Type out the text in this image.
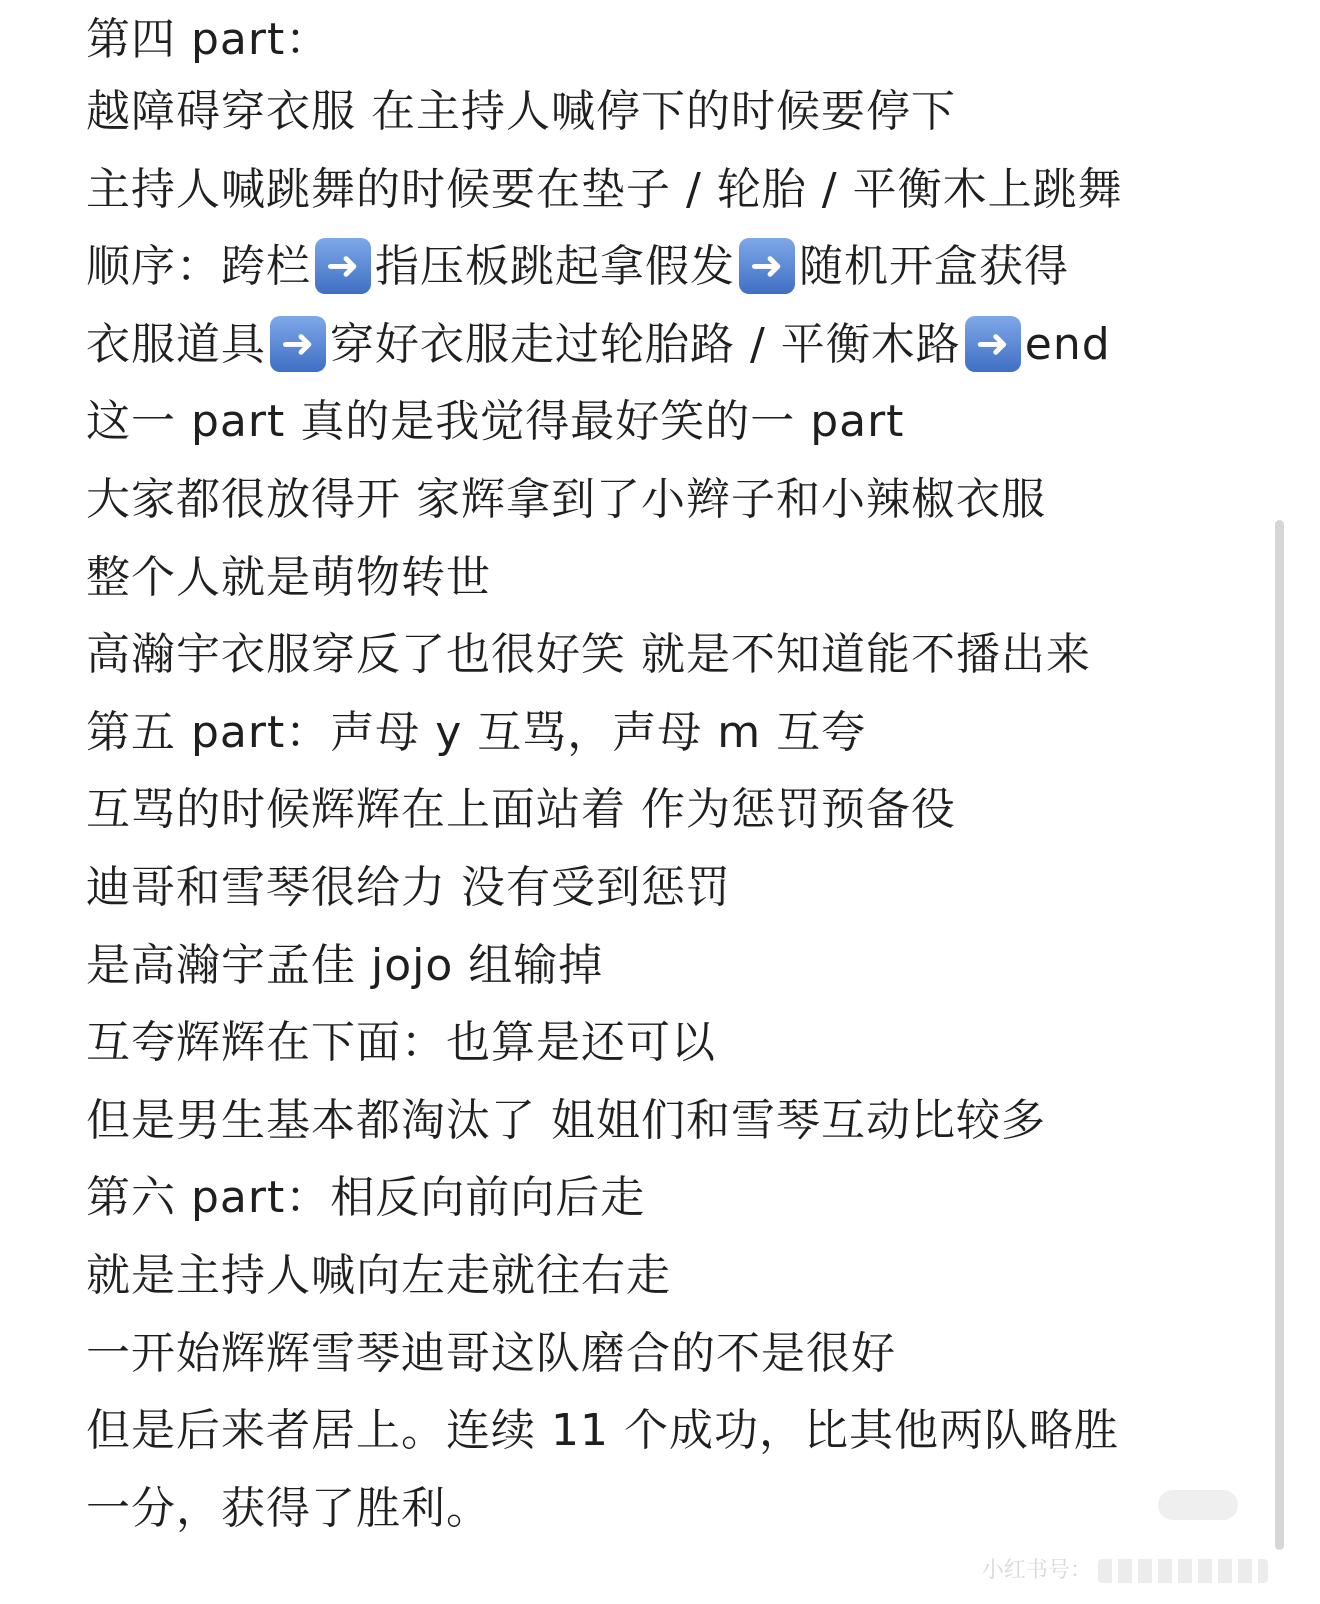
第四 part：
越障碍穿衣服 在主持人喊停下的时候要停下
主持人喊跳舞的时候要在垫子 / 轮胎 / 平衡木上跳舞
顺序：跨栏 ➜ 指压板跳起拿假发 ➜ 随机开盒获得
衣服道具 ➜ 穿好衣服走过轮胎路 / 平衡木路 ➜ end
这一 part 真的是我觉得最好笑的一 part
大家都很放得开 家辉拿到了小辫子和小辣椒衣服
整个人就是萌物转世
高瀚宇衣服穿反了也很好笑 就是不知道能不播出来
第五 part：声母 y 互骂，声母 m 互夸
互骂的时候辉辉在上面站着 作为惩罚预备役
迪哥和雪琴很给力 没有受到惩罚
是高瀚宇孟佳 jojo 组输掉
互夸辉辉在下面：也算是还可以
但是男生基本都淘汰了 姐姐们和雪琴互动比较多
第六 part：相反向前向后走
就是主持人喊向左走就往右走
一开始辉辉雪琴迪哥这队磨合的不是很好
但是后来者居上。连续 11 个成功，比其他两队略胜
一分，获得了胜利。
小红书号：
